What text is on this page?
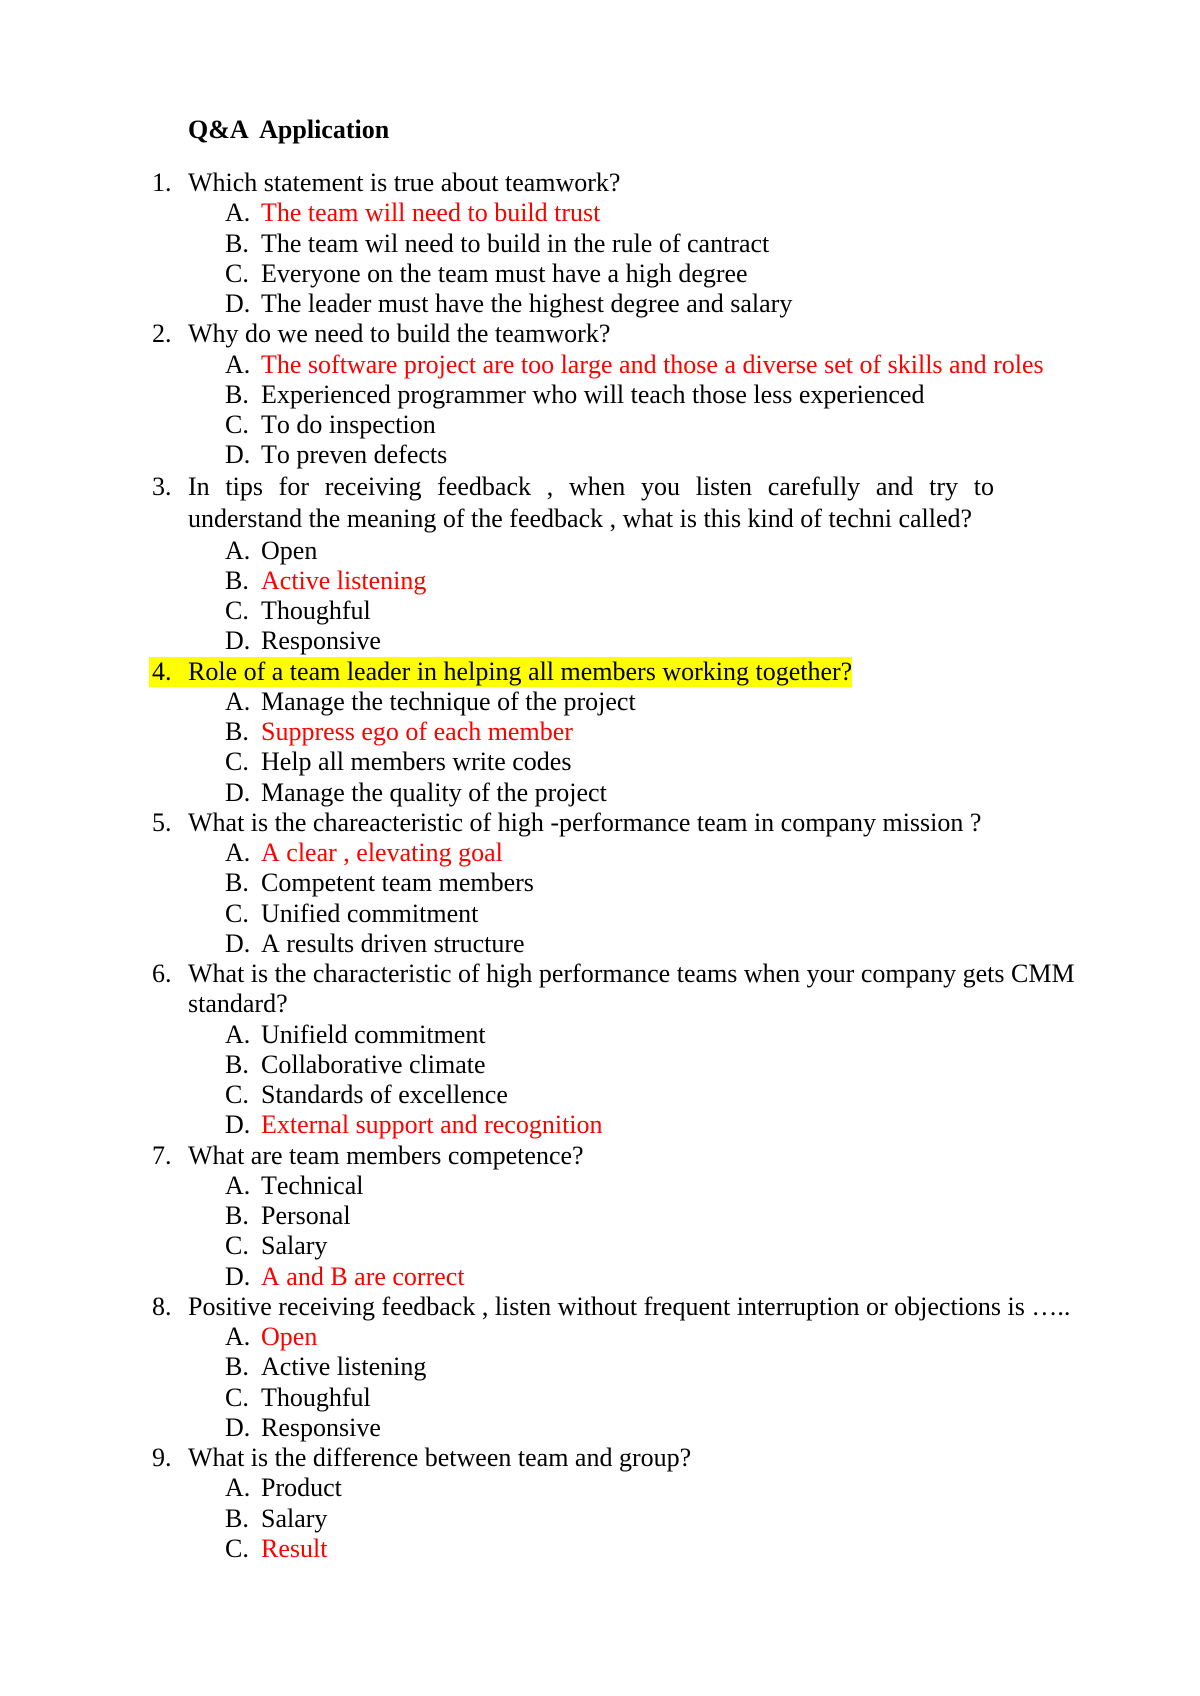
Q&A Application
1. Which statement is true about teamwork?
A. The team will need to build trust
B. The team wil need to build in the rule of cantract
C. Everyone on the team must have a high degree
D. The leader must have the highest degree and salary
2. Why do we need to build the teamwork?
A. The software project are too large and those a diverse set of skills and roles
B. Experienced programmer who will teach those less experienced
C. To do inspection
D. To preven defects
3. In tips for receiving feedback , when you listen carefully and try to understand the meaning of the feedback , what is this kind of techni called?
A. Open
B. Active listening
C. Thoughful
D. Responsive
4. Role of a team leader in helping all members working together?
A. Manage the technique of the project
B. Suppress ego of each member
C. Help all members write codes
D. Manage the quality of the project
5. What is the chareacteristic of high -performance team in company mission ?
A. A clear , elevating goal
B. Competent team members
C. Unified commitment
D. A results driven structure
6. What is the characteristic of high performance teams when your company gets CMM standard?
A. Unifield commitment
B. Collaborative climate
C. Standards of excellence
D. External support and recognition
7. What are team members competence?
A. Technical
B. Personal
C. Salary
D. A and B are correct
8. Positive receiving feedback , listen without frequent interruption or objections is …..
A. Open
B. Active listening
C. Thoughful
D. Responsive
9. What is the difference between team and group?
A. Product
B. Salary
C. Result
